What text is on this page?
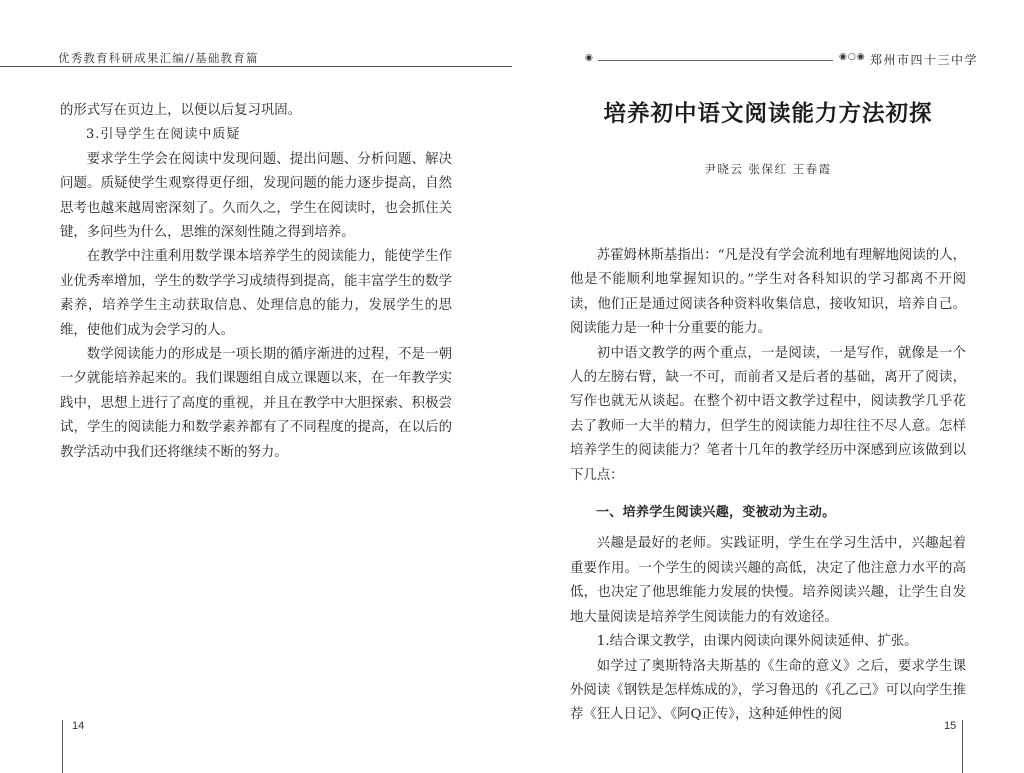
优秀教育科研成果汇编//基础教育篇

的形式写在页边上，以便以后复习巩固。

3.引导学生在阅读中质疑

要求学生学会在阅读中发现问题、提出问题、分析问题、解决问题。质疑使学生观察得更仔细，发现问题的能力逐步提高，自然思考也越来越周密深刻了。久而久之，学生在阅读时，也会抓住关键，多问些为什么，思维的深刻性随之得到培养。

在教学中注重利用数学课本培养学生的阅读能力，能使学生作业优秀率增加，学生的数学学习成绩得到提高，能丰富学生的数学素养，培养学生主动获取信息、处理信息的能力，发展学生的思维，使他们成为会学习的人。

数学阅读能力的形成是一项长期的循序渐进的过程，不是一朝一夕就能培养起来的。我们课题组自成立课题以来，在一年教学实践中，思想上进行了高度的重视，并且在教学中大胆探索、积极尝试，学生的阅读能力和数学素养都有了不同程度的提高，在以后的教学活动中我们还将继续不断的努力。

◉	◉○◉ 郑州市四十三中学
培养初中语文阅读能力方法初探
尹晓云 张保红 王春霞

苏霍姆林斯基指出：“凡是没有学会流利地有理解地阅读的人，他是不能顺利地掌握知识的。”学生对各科知识的学习都离不开阅读，他们正是通过阅读各种资料收集信息，接收知识，培养自己。阅读能力是一种十分重要的能力。

初中语文教学的两个重点，一是阅读，一是写作，就像是一个人的左膀右臂，缺一不可，而前者又是后者的基础，离开了阅读，写作也就无从谈起。在整个初中语文教学过程中，阅读教学几乎花去了教师一大半的精力，但学生的阅读能力却往往不尽人意。怎样培养学生的阅读能力？笔者十几年的教学经历中深感到应该做到以下几点：

一、培养学生阅读兴趣，变被动为主动。

兴趣是最好的老师。实践证明，学生在学习生活中，兴趣起着重要作用。一个学生的阅读兴趣的高低，决定了他注意力水平的高低，也决定了他思维能力发展的快慢。培养阅读兴趣，让学生自发地大量阅读是培养学生阅读能力的有效途径。

1.结合课文教学，由课内阅读向课外阅读延伸、扩张。

如学过了奥斯特洛夫斯基的《生命的意义》之后，要求学生课外阅读《钢铁是怎样炼成的》，学习鲁迅的《孔乙己》可以向学生推荐《狂人日记》、《阿Q正传》，这种延伸性的阅

14	15
